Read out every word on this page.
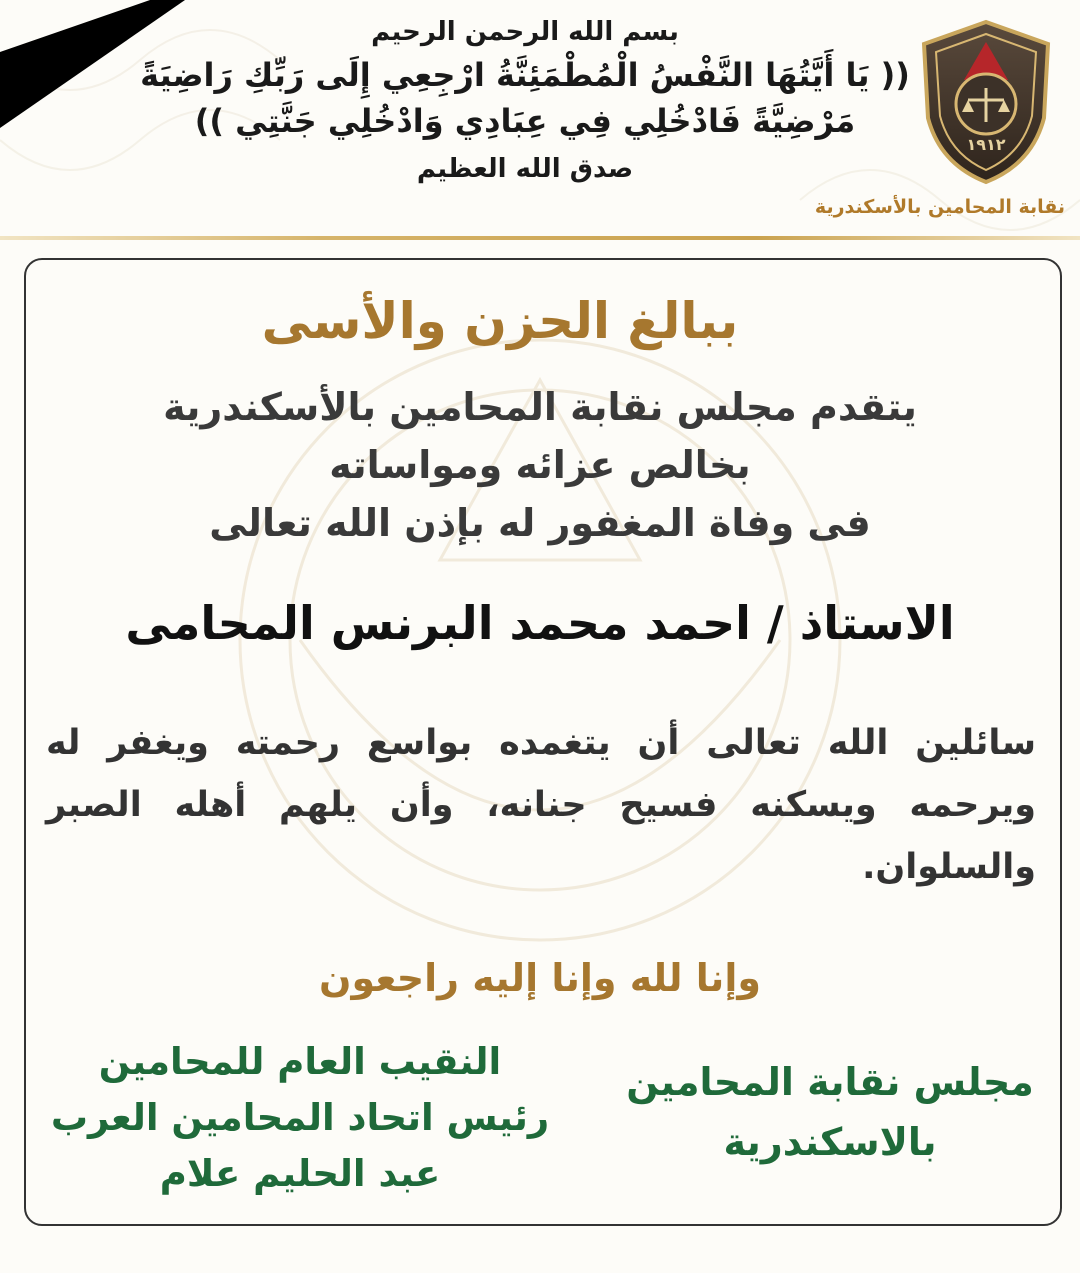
بسم الله الرحمن الرحيم
(( يَا أَيَّتُهَا النَّفْسُ الْمُطْمَئِنَّةُ ارْجِعِي إِلَى رَبِّكِ رَاضِيَةً
مَرْضِيَّةً فَادْخُلِي فِي عِبَادِي وَادْخُلِي جَنَّتِي ))
صدق الله العظيم
١٩١٢
نقابة المحامين بالأسكندرية
ببالغ الحزن والأسى
يتقدم مجلس نقابة المحامين بالأسكندرية
بخالص عزائه ومواساته
فى وفاة المغفور له بإذن الله تعالى
الاستاذ / احمد محمد البرنس المحامى
سائلين الله تعالى أن يتغمده بواسع رحمته ويغفر له ويرحمه ويسكنه فسيح جنانه، وأن يلهم أهله الصبر والسلوان.
وإنا لله وإنا إليه راجعون
مجلس نقابة المحامين
بالاسكندرية
النقيب العام للمحامين
رئيس اتحاد المحامين العرب
عبد الحليم علام
